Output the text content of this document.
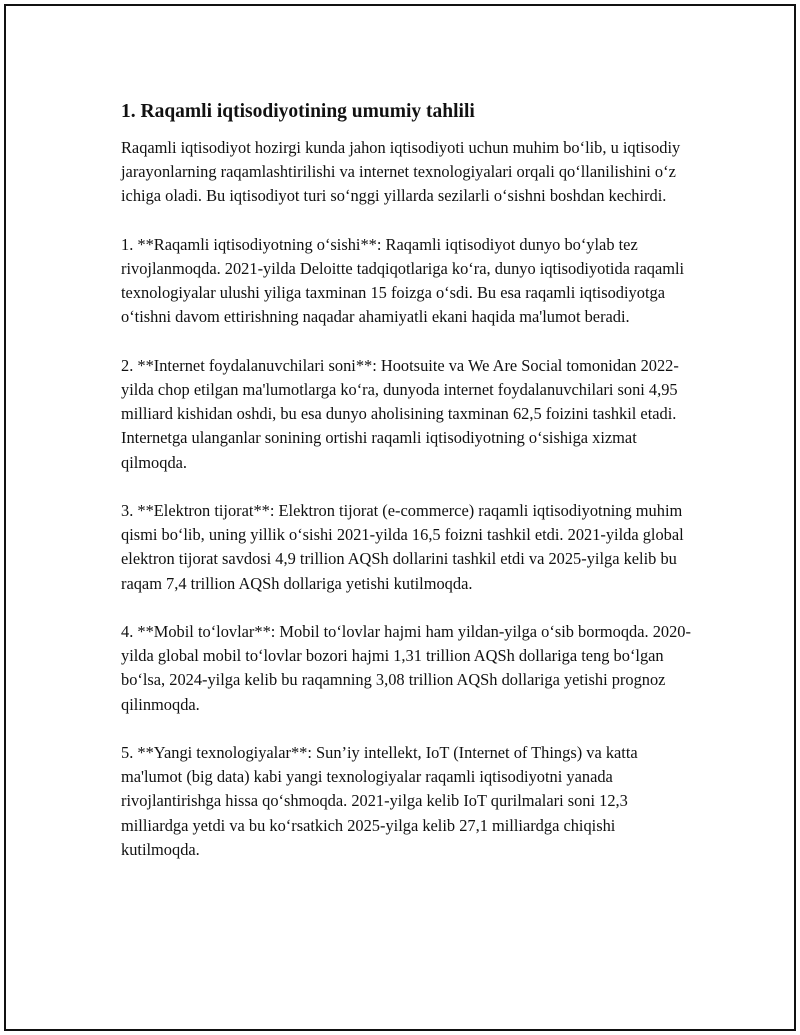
1. Raqamli iqtisodiyotining umumiy tahlili

Raqamli iqtisodiyot hozirgi kunda jahon iqtisodiyoti uchun muhim bo‘lib, u iqtisodiy jarayonlarning raqamlashtirilishi va internet texnologiyalari orqali qo‘llanilishini o‘z ichiga oladi. Bu iqtisodiyot turi so‘nggi yillarda sezilarli o‘sishni boshdan kechirdi.

1. **Raqamli iqtisodiyotning o‘sishi**: Raqamli iqtisodiyot dunyo bo‘ylab tez rivojlanmoqda. 2021-yilda Deloitte tadqiqotlariga ko‘ra, dunyo iqtisodiyotida raqamli texnologiyalar ulushi yiliga taxminan 15 foizga o‘sdi. Bu esa raqamli iqtisodiyotga o‘tishni davom ettirishning naqadar ahamiyatli ekani haqida ma'lumot beradi.

2. **Internet foydalanuvchilari soni**: Hootsuite va We Are Social tomonidan 2022-yilda chop etilgan ma'lumotlarga ko‘ra, dunyoda internet foydalanuvchilari soni 4,95 milliard kishidan oshdi, bu esa dunyo aholisining taxminan 62,5 foizini tashkil etadi. Internetga ulanganlar sonining ortishi raqamli iqtisodiyotning o‘sishiga xizmat qilmoqda.

3. **Elektron tijorat**: Elektron tijorat (e-commerce) raqamli iqtisodiyotning muhim qismi bo‘lib, uning yillik o‘sishi 2021-yilda 16,5 foizni tashkil etdi. 2021-yilda global elektron tijorat savdosi 4,9 trillion AQSh dollarini tashkil etdi va 2025-yilga kelib bu raqam 7,4 trillion AQSh dollariga yetishi kutilmoqda.

4. **Mobil to‘lovlar**: Mobil to‘lovlar hajmi ham yildan-yilga o‘sib bormoqda. 2020-yilda global mobil to‘lovlar bozori hajmi 1,31 trillion AQSh dollariga teng bo‘lgan bo‘lsa, 2024-yilga kelib bu raqamning 3,08 trillion AQSh dollariga yetishi prognoz qilinmoqda.

5. **Yangi texnologiyalar**: Sun’iy intellekt, IoT (Internet of Things) va katta ma'lumot (big data) kabi yangi texnologiyalar raqamli iqtisodiyotni yanada rivojlantirishga hissa qo‘shmoqda. 2021-yilga kelib IoT qurilmalari soni 12,3 milliardga yetdi va bu ko‘rsatkich 2025-yilga kelib 27,1 milliardga chiqishi kutilmoqda.
